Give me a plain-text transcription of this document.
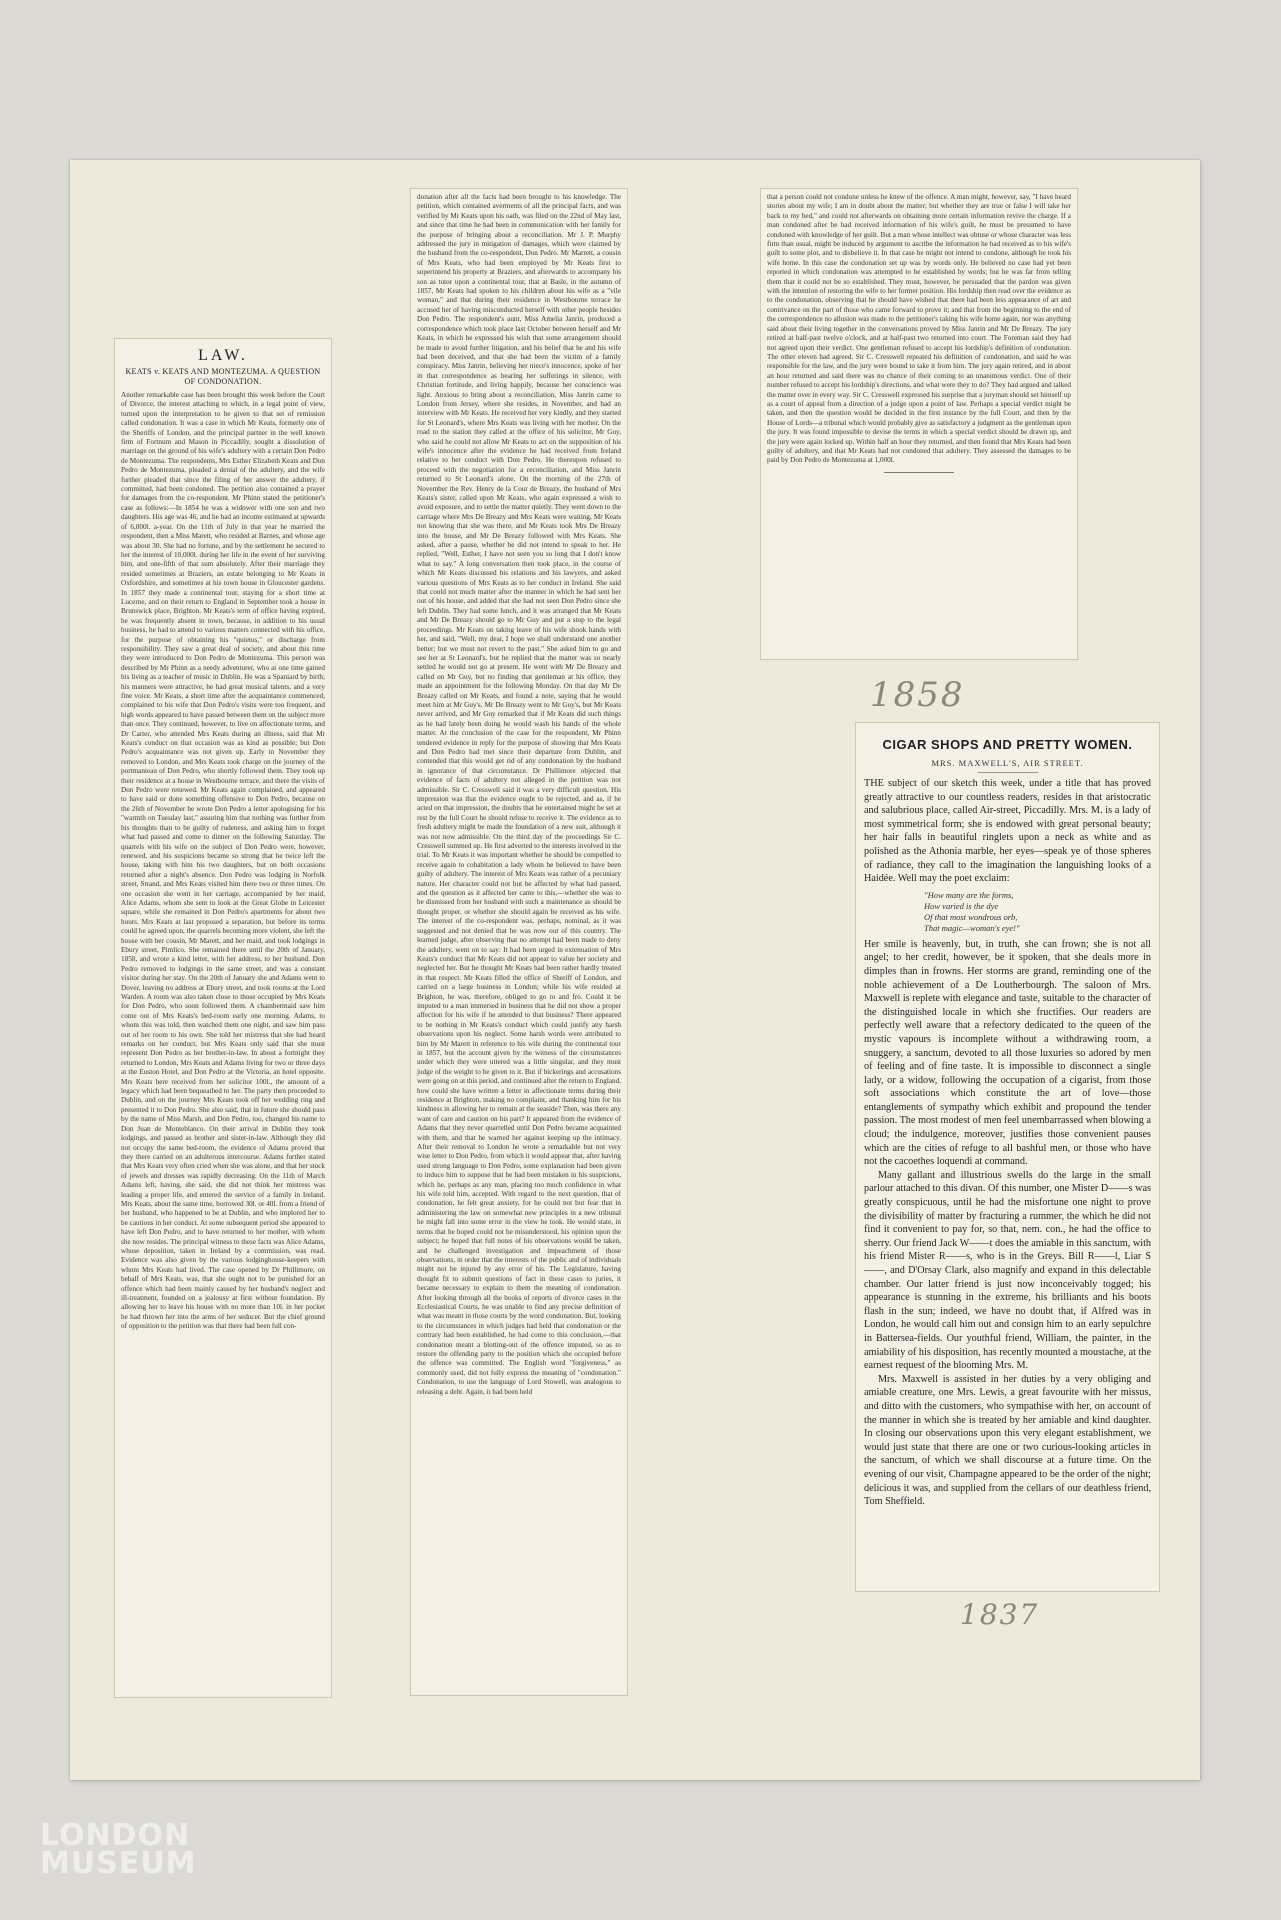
LAW.
KEATS v. KEATS AND MONTEZUMA. A QUESTION OF CONDONATION.
Another remarkable case has been brought this week before the Court of Divorce, the interest attaching to which, in a legal point of view, turned upon the interpretation to be given to that set of remission called condonation. It was a case in which Mr Keats, formerly one of the Sheriffs of London, and the principal partner in the well known firm of Fortnum and Mason in Piccadilly, sought a dissolution of marriage on the ground of his wife's adultery with a certain Don Pedro de Montezuma. The respondents, Mrs Esther Elizabeth Keats and Don Pedro de Montezuma, pleaded a denial of the adultery, and the wife further pleaded that since the filing of her answer the adultery, if committed, had been condoned. The petition also contained a prayer for damages from the co-respondent. Mr Phinn stated the petitioner's case as follows:—In 1854 he was a widower with one son and two daughters. His age was 46, and he had an income estimated at upwards of 6,000l. a-year. On the 11th of July in that year he married the respondent, then a Miss Marett, who resided at Barnes, and whose age was about 30. She had no fortune, and by the settlement he secured to her the interest of 10,000l. during her life in the event of her surviving him, and one-fifth of that sum absolutely. After their marriage they resided sometimes at Braziers, an estate belonging to Mr Keats in Oxfordshire, and sometimes at his town house in Gloucester gardens. In 1857 they made a continental tour, staying for a short time at Lucerne, and on their return to England in September took a house in Brunswick place, Brighton. Mr Keats's term of office having expired, he was frequently absent in town, because, in addition to his usual business, he had to attend to various matters connected with his office, for the purpose of obtaining his "quietus," or discharge from responsibility. They saw a great deal of society, and about this time they were introduced to Don Pedro de Montezuma. This person was described by Mr Phinn as a needy adventurer, who at one time gained his living as a teacher of music in Dublin. He was a Spaniard by birth; his manners were attractive, he had great musical talents, and a very fine voice. Mr Keats, a short time after the acquaintance commenced, complained to his wife that Don Pedro's visits were too frequent, and high words appeared to have passed between them on the subject more than once. They continued, however, to live on affectionate terms, and Dr Carter, who attended Mrs Keats during an illness, said that Mr Keats's conduct on that occasion was as kind as possible; but Don Pedro's acquaintance was not given up. Early in November they removed to London, and Mrs Keats took charge on the journey of the portmanteau of Don Pedro, who shortly followed them. They took up their residence at a house in Westbourne terrace, and there the visits of Don Pedro were renewed. Mr Keats again complained, and appeared to have said or done something offensive to Don Pedro, because on the 26th of November he wrote Don Pedro a letter apologising for his "warmth on Tuesday last," assuring him that nothing was further from his thoughts than to be guilty of rudeness, and asking him to forget what had passed and come to dinner on the following Saturday. The quarrels with his wife on the subject of Don Pedro were, however, renewed, and his suspicions became so strong that he twice left the house, taking with him his two daughters, but on both occasions returned after a night's absence. Don Pedro was lodging in Norfolk street, Strand, and Mrs Keats visited him there two or three times. On one occasion she went in her carriage, accompanied by her maid, Alice Adams, whom she sent to look at the Great Globe in Leicester square, while she remained in Don Pedro's apartments for about two hours. Mrs Keats at last proposed a separation, but before its terms could be agreed upon, the quarrels becoming more violent, she left the house with her cousin, Mr Marett, and her maid, and took lodgings in Ebury street, Pimlico. She remained there until the 20th of January, 1858, and wrote a kind letter, with her address, to her husband. Don Pedro removed to lodgings in the same street, and was a constant visitor during her stay. On the 20th of January she and Adams went to Dover, leaving no address at Ebury street, and took rooms at the Lord Warden. A room was also taken close to those occupied by Mrs Keats for Don Pedro, who soon followed them. A chambermaid saw him come out of Mrs Keats's bed-room early one morning. Adams, to whom this was told, then watched them one night, and saw him pass out of her room to his own. She told her mistress that she had heard remarks on her conduct, but Mrs Keats only said that she must represent Don Pedro as her brother-in-law. In about a fortnight they returned to London, Mrs Keats and Adams living for two or three days at the Euston Hotel, and Don Pedro at the Victoria, an hotel opposite. Mrs Keats here received from her solicitor 100l., the amount of a legacy which had been bequeathed to her. The party then proceeded to Dublin, and on the journey Mrs Keats took off her wedding ring and presented it to Don Pedro. She also said, that in future she should pass by the name of Miss Marsh, and Don Pedro, too, changed his name to Don Juan de Monteblanco. On their arrival in Dublin they took lodgings, and passed as brother and sister-in-law. Although they did not occupy the same bed-room, the evidence of Adams proved that they there carried on an adulterous intercourse. Adams further stated that Mrs Keats very often cried when she was alone, and that her stock of jewels and dresses was rapidly decreasing. On the 11th of March Adams left, having, she said, she did not think her mistress was leading a proper life, and entered the service of a family in Ireland. Mrs Keats, about the same time, borrowed 30l. or 40l. from a friend of her husband, who happened to be at Dublin, and who implored her to be cautious in her conduct. At some subsequent period she appeared to have left Don Pedro, and to have returned to her mother, with whom she now resides. The principal witness to these facts was Alice Adams, whose deposition, taken in Ireland by a commission, was read. Evidence was also given by the various lodginghouse-keepers with whom Mrs Keats had lived. The case opened by Dr Phillimore, on behalf of Mrs Keats, was, that she ought not to be punished for an offence which had been mainly caused by her husband's neglect and ill-treatment, founded on a jealousy at first without foundation. By allowing her to leave his house with no more than 10l. in her pocket he had thrown her into the arms of her seducer. But the chief ground of opposition to the petition was that there had been full con-
donation after all the facts had been brought to his knowledge. The petition, which contained averments of all the principal facts, and was verified by Mr Keats upon his oath, was filed on the 22nd of May last, and since that time he had been in communication with her family for the purpose of bringing about a reconciliation. Mr J. P. Murphy addressed the jury in mitigation of damages, which were claimed by the husband from the co-respondent, Don Pedro. Mr Marrett, a cousin of Mrs Keats, who had been employed by Mr Keats first to superintend his property at Braziers, and afterwards to accompany his son as tutor upon a continental tour, that at Basle, in the autumn of 1857, Mr Keats had spoken to his children about his wife as a "vile woman," and that during their residence in Westbourne terrace he accused her of having misconducted herself with other people besides Don Pedro. The respondent's aunt, Miss Amelia Janrin, produced a correspondence which took place last October between herself and Mr Keats, in which he expressed his wish that some arrangement should be made to avoid further litigation, and his belief that he and his wife had been deceived, and that she had been the victim of a family conspiracy. Miss Janrin, believing her niece's innocence, spoke of her in that correspondence as bearing her sufferings in silence, with Christian fortitude, and living happily, because her conscience was light. Anxious to bring about a reconciliation, Miss Janrin came to London from Jersey, where she resides, in November, and had an interview with Mr Keats. He received her very kindly, and they started for St Leonard's, where Mrs Keats was living with her mother. On the road to the station they called at the office of his solicitor, Mr Guy, who said he could not allow Mr Keats to act on the supposition of his wife's innocence after the evidence he had received from Ireland relative to her conduct with Don Pedro. He thereupon refused to proceed with the negotiation for a reconciliation, and Miss Janrin returned to St Leonard's alone. On the morning of the 27th of November the Rev. Henry de la Cour de Breazy, the husband of Mrs Keats's sister, called upon Mr Keats, who again expressed a wish to avoid exposure, and to settle the matter quietly. They went down to the carriage where Mrs De Breazy and Mrs Keats were waiting, Mr Keats not knowing that she was there, and Mr Keats took Mrs De Breazy into the house, and Mr De Breazy followed with Mrs Keats. She asked, after a pause, whether he did not intend to speak to her. He replied, "Well, Esther, I have not seen you so long that I don't know what to say." A long conversation then took place, in the course of which Mr Keats discussed his relations and his lawyers, and asked various questions of Mrs Keats as to her conduct in Ireland. She said that could not much matter after the manner in which he had sent her out of his house, and added that she had not seen Don Pedro since she left Dublin. They had some lunch, and it was arranged that Mr Keats and Mr De Breazy should go to Mr Guy and put a stop to the legal proceedings. Mr Keats on taking leave of his wife shook hands with her, and said, "Well, my dear, I hope we shall understand one another better; but we must not revert to the past." She asked him to go and see her at St Leonard's, but he replied that the matter was so nearly settled he would not go at present. He went with Mr De Breazy and called on Mr Guy, but no finding that gentleman at his office, they made an appointment for the following Monday. On that day Mr De Breazy called on Mr Keats, and found a note, saying that he would meet him at Mr Guy's. Mr De Breazy went to Mr Guy's, but Mr Keats never arrived, and Mr Guy remarked that if Mr Keats did such things as he had lately been doing he would wash his hands of the whole matter. At the conclusion of the case for the respondent, Mr Phinn tendered evidence in reply for the purpose of showing that Mrs Keats and Don Pedro had met since their departure from Dublin, and contended that this would get rid of any condonation by the husband in ignorance of that circumstance. Dr Phillimore objected that evidence of facts of adultery not alleged in the petition was not admissible. Sir C. Cresswell said it was a very difficult question. His impression was that the evidence ought to be rejected, and as, if he acted on that impression, the doubts that he entertained might be set at rest by the full Court he should refuse to receive it. The evidence as to fresh adultery might be made the foundation of a new suit, although it was not now admissible. On the third day of the proceedings Sir C. Cresswell summed up. He first adverted to the interests involved in the trial. To Mr Keats it was important whether he should be compelled to receive again to cohabitation a lady whom he believed to have been guilty of adultery. The interest of Mrs Keats was rather of a pecuniary nature. Her character could not but be affected by what had passed, and the question as it affected her came to this,—whether she was to be dismissed from her husband with such a maintenance as should be thought proper, or whether she should again be received as his wife. The interest of the co-respondent was, perhaps, nominal, as it was suggested and not denied that he was now out of this country. The learned judge, after observing that no attempt had been made to deny the adultery, went on to say: It had been urged in extenuation of Mrs Keats's conduct that Mr Keats did not appear to value her society and neglected her. But he thought Mr Keats had been rather hardly treated in that respect. Mr Keats filled the office of Sheriff of London, and carried on a large business in London; while his wife resided at Brighton, he was, therefore, obliged to go to and fro. Could it be imputed to a man immersed in business that he did not show a proper affection for his wife if he attended to that business? There appeared to be nothing in Mr Keats's conduct which could justify any harsh observations upon his neglect. Some harsh words were attributed to him by Mr Marett in reference to his wife during the continental tour in 1857, but the account given by the witness of the circumstances under which they were uttered was a little singular, and they must judge of the weight to be given to it. But if bickerings and accusations were going on at this period, and continued after the return to England, how could she have written a letter in affectionate terms during their residence at Brighton, making no complaint, and thanking him for his kindness in allowing her to remain at the seaside? Then, was there any want of care and caution on his part? It appeared from the evidence of Adams that they never quarrelled until Don Pedro became acquainted with them, and that he warned her against keeping up the intimacy. After their removal to London he wrote a remarkable but not very wise letter to Don Pedro, from which it would appear that, after having used strong language to Don Pedro, some explanation had been given to induce him to suppose that he had been mistaken in his suspicions, which he, perhaps as any man, placing too much confidence in what his wife told him, accepted. With regard to the next question, that of condonation, he felt great anxiety, for he could not but fear that in administering the law on somewhat new principles in a new tribunal he might fall into some error in the view he took. He would state, in terms that he hoped could not be misunderstood, his opinion upon the subject; he hoped that full notes of his observations would be taken, and he challenged investigation and impeachment of those observations, in order that the interests of the public and of individuals might not be injured by any error of his. The Legislature, having thought fit to submit questions of fact in these cases to juries, it became necessary to explain to them the meaning of condonation. After looking through all the books of reports of divorce cases in the Ecclesiastical Courts, he was unable to find any precise definition of what was meant in those courts by the word condonation. But, looking to the circumstances in which judges had held that condonation or the contrary had been established, he had come to this conclusion,—that condonation meant a blotting-out of the offence imputed, so as to restore the offending party to the position which she occupied before the offence was committed. The English word "forgiveness," as commonly used, did not fully express the meaning of "condonation." Condonation, to use the language of Lord Stowell, was analogous to releasing a debt. Again, it had been held
that a person could not condone unless he knew of the offence. A man might, however, say, "I have heard stories about my wife; I am in doubt about the matter; but whether they are true or false I will take her back to my bed," and could not afterwards on obtaining more certain information revive the charge. If a man condoned after he had received information of his wife's guilt, he must be presumed to have condoned with knowledge of her guilt. But a man whose intellect was obtuse or whose character was less firm than usual, might be induced by argument to ascribe the information he had received as to his wife's guilt to some plot, and to disbelieve it. In that case he might not intend to condone, although he took his wife home. In this case the condonation set up was by words only. He believed no case had yet been reported in which condonation was attempted to be established by words; but he was far from telling them that it could not be so established. They must, however, be persuaded that the pardon was given with the intention of restoring the wife to her former position. His lordship then read over the evidence as to the condonation, observing that he should have wished that there had been less appearance of art and contrivance on the part of those who came forward to prove it; and that from the beginning to the end of the correspondence no allusion was made to the petitioner's taking his wife home again, nor was anything said about their living together in the conversations proved by Miss Janrin and Mr De Breazy. The jury retired at half-past twelve o'clock, and at half-past two returned into court. The Foreman said they had not agreed upon their verdict. One gentleman refused to accept his lordship's definition of condonation. The other eleven had agreed. Sir C. Cresswell repeated his definition of condonation, and said he was responsible for the law, and the jury were bound to take it from him. The jury again retired, and in about an hour returned and said there was no chance of their coming to an unanimous verdict. One of their number refused to accept his lordship's directions, and what were they to do? They had argued and talked the matter over in every way. Sir C. Cresswell expressed his surprise that a juryman should set himself up as a court of appeal from a direction of a judge upon a point of law. Perhaps a special verdict might be taken, and then the question would be decided in the first instance by the full Court, and then by the House of Lords—a tribunal which would probably give as satisfactory a judgment as the gentleman upon the jury. It was found impossible to devise the terms in which a special verdict should be drawn up, and the jury were again locked up. Within half an hour they returned, and then found that Mrs Keats had been guilty of adultery, and that Mr Keats had not condoned that adultery. They assessed the damages to be paid by Don Pedro de Montezuma at 1,000l.
1858
1837
CIGAR SHOPS AND PRETTY WOMEN.
MRS. MAXWELL'S, AIR STREET.
THE subject of our sketch this week, under a title that has proved greatly attractive to our countless readers, resides in that aristocratic and salubrious place, called Air-street, Piccadilly. Mrs. M. is a lady of most symmetrical form; she is endowed with great personal beauty; her hair falls in beautiful ringlets upon a neck as white and as polished as the Athonia marble, her eyes—speak ye of those spheres of radiance, they call to the imagination the languishing looks of a Haidée. Well may the poet exclaim:
"How many are the forms,
How varied is the dye
Of that most wondrous orb,
That magic—woman's eye!"
Her smile is heavenly, but, in truth, she can frown; she is not all angel; to her credit, however, be it spoken, that she deals more in dimples than in frowns. Her storms are grand, reminding one of the noble achievement of a De Loutherbourgh. The saloon of Mrs. Maxwell is replete with elegance and taste, suitable to the character of the distinguished locale in which she fructifies. Our readers are perfectly well aware that a refectory dedicated to the queen of the mystic vapours is incomplete without a withdrawing room, a snuggery, a sanctum, devoted to all those luxuries so adored by men of feeling and of fine taste. It is impossible to disconnect a single lady, or a widow, following the occupation of a cigarist, from those soft associations which constitute the art of love—those entanglements of sympathy which exhibit and propound the tender passion. The most modest of men feel unembarrassed when blowing a cloud; the indulgence, moreover, justifies those convenient pauses which are the cities of refuge to all bashful men, or those who have not the cacoethes loquendi at command.
Many gallant and illustrious swells do the large in the small parlour attached to this divan. Of this number, one Mister D——s was greatly conspicuous, until he had the misfortune one night to prove the divisibility of matter by fracturing a rummer, the which he did not find it convenient to pay for, so that, nem. con., he had the office to sherry. Our friend Jack W——t does the amiable in this sanctum, with his friend Mister R——s, who is in the Greys. Bill R——l, Liar S——, and D'Orsay Clark, also magnify and expand in this delectable chamber. Our latter friend is just now inconceivably togged; his appearance is stunning in the extreme, his brilliants and his boots flash in the sun; indeed, we have no doubt that, if Alfred was in London, he would call him out and consign him to an early sepulchre in Battersea-fields. Our youthful friend, William, the painter, in the amiability of his disposition, has recently mounted a moustache, at the earnest request of the blooming Mrs. M.
Mrs. Maxwell is assisted in her duties by a very obliging and amiable creature, one Mrs. Lewis, a great favourite with her missus, and ditto with the customers, who sympathise with her, on account of the manner in which she is treated by her amiable and kind daughter. In closing our observations upon this very elegant establishment, we would just state that there are one or two curious-looking articles in the sanctum, of which we shall discourse at a future time. On the evening of our visit, Champagne appeared to be the order of the night; delicious it was, and supplied from the cellars of our deathless friend, Tom Sheffield.
LONDON
MUSEUM
